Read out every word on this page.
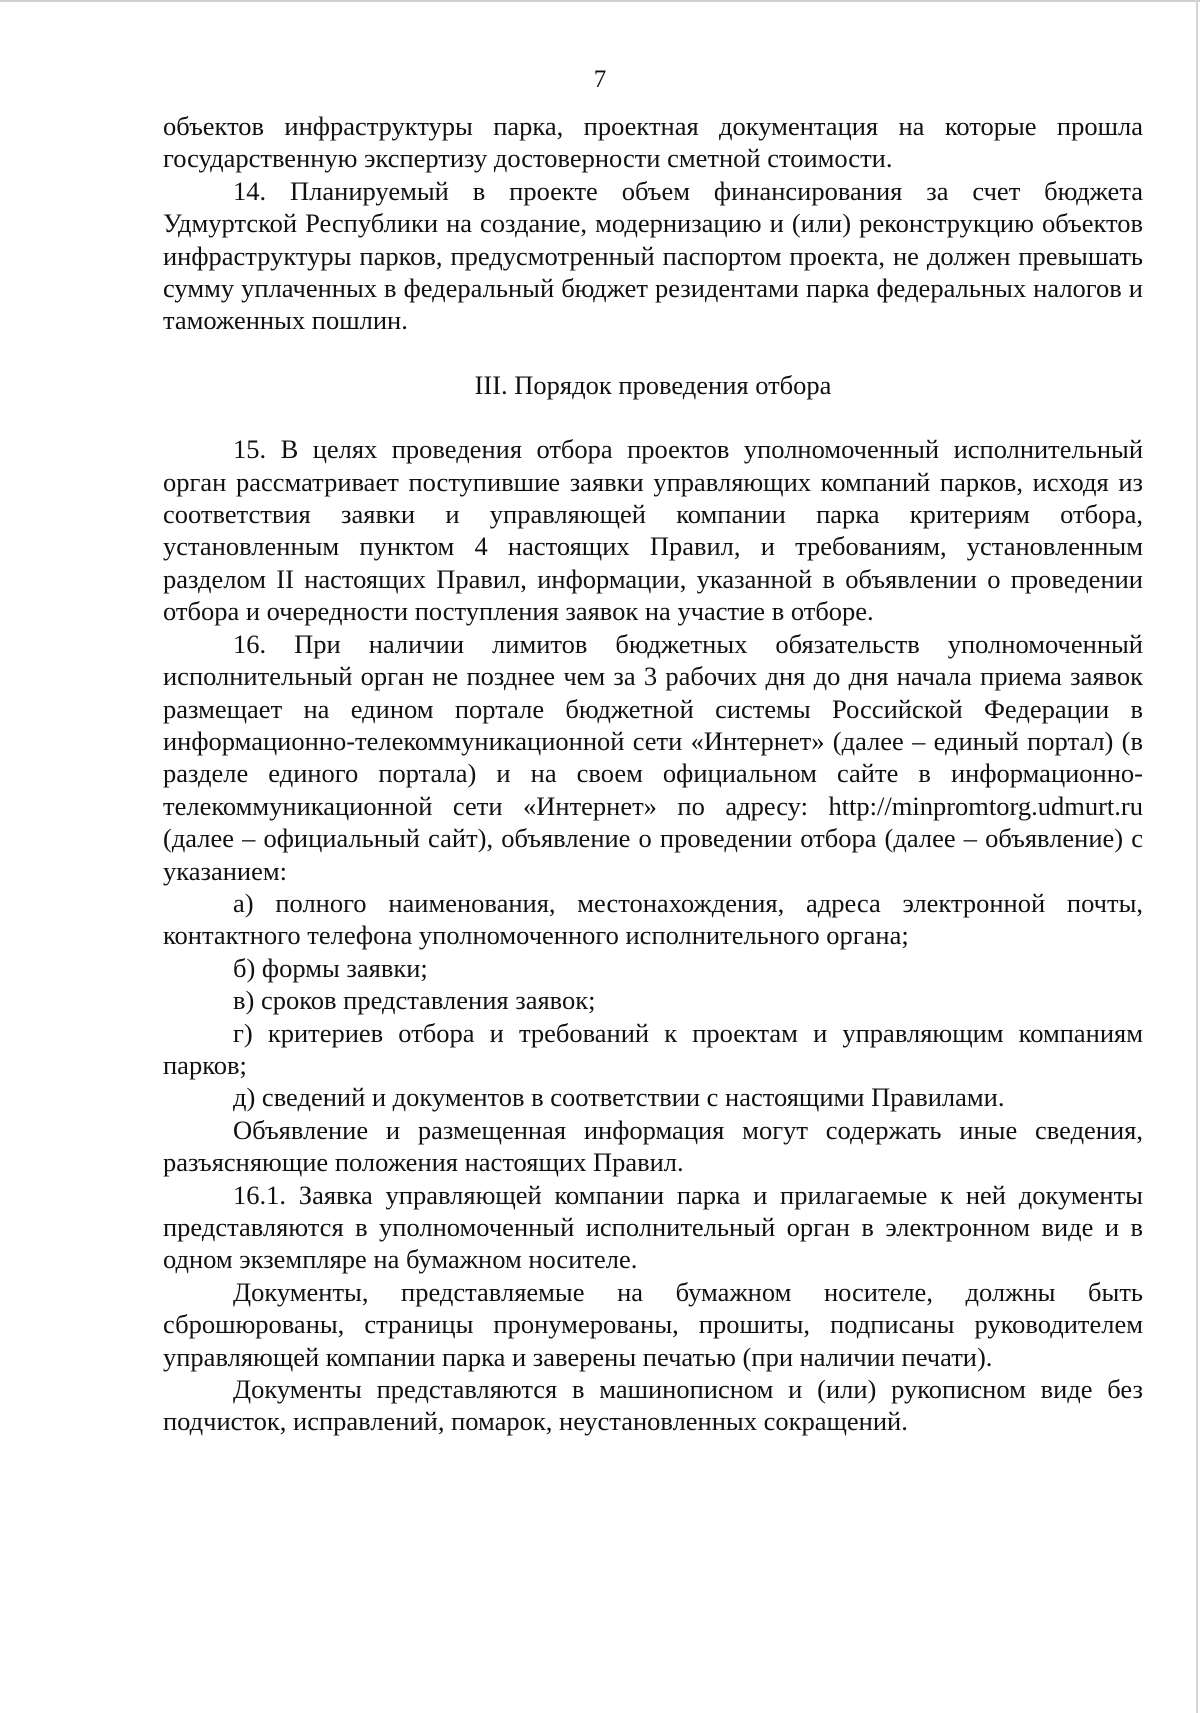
7

объектов инфраструктуры парка, проектная документация на которые прошла государственную экспертизу достоверности сметной стоимости.

14. Планируемый в проекте объем финансирования за счет бюджета Удмуртской Республики на создание, модернизацию и (или) реконструкцию объектов инфраструктуры парков, предусмотренный паспортом проекта, не должен превышать сумму уплаченных в федеральный бюджет резидентами парка федеральных налогов и таможенных пошлин.

III. Порядок проведения отбора

15. В целях проведения отбора проектов уполномоченный исполнительный орган рассматривает поступившие заявки управляющих компаний парков, исходя из соответствия заявки и управляющей компании парка критериям отбора, установленным пунктом 4 настоящих Правил, и требованиям, установленным разделом II настоящих Правил, информации, указанной в объявлении о проведении отбора и очередности поступления заявок на участие в отборе.

16. При наличии лимитов бюджетных обязательств уполномоченный исполнительный орган не позднее чем за 3 рабочих дня до дня начала приема заявок размещает на едином портале бюджетной системы Российской Федерации в информационно-телекоммуникационной сети «Интернет» (далее – единый портал) (в разделе единого портала) и на своем официальном сайте в информационно-телекоммуникационной сети «Интернет» по адресу: http://minpromtorg.udmurt.ru (далее – официальный сайт), объявление о проведении отбора (далее – объявление) с указанием:

а) полного наименования, местонахождения, адреса электронной почты, контактного телефона уполномоченного исполнительного органа;

б) формы заявки;

в) сроков представления заявок;

г) критериев отбора и требований к проектам и управляющим компаниям парков;

д) сведений и документов в соответствии с настоящими Правилами.

Объявление и размещенная информация могут содержать иные сведения, разъясняющие положения настоящих Правил.

16.1. Заявка управляющей компании парка и прилагаемые к ней документы представляются в уполномоченный исполнительный орган в электронном виде и в одном экземпляре на бумажном носителе.

Документы, представляемые на бумажном носителе, должны быть сброшюрованы, страницы пронумерованы, прошиты, подписаны руководителем управляющей компании парка и заверены печатью (при наличии печати).

Документы представляются в машинописном и (или) рукописном виде без подчисток, исправлений, помарок, неустановленных сокращений.
